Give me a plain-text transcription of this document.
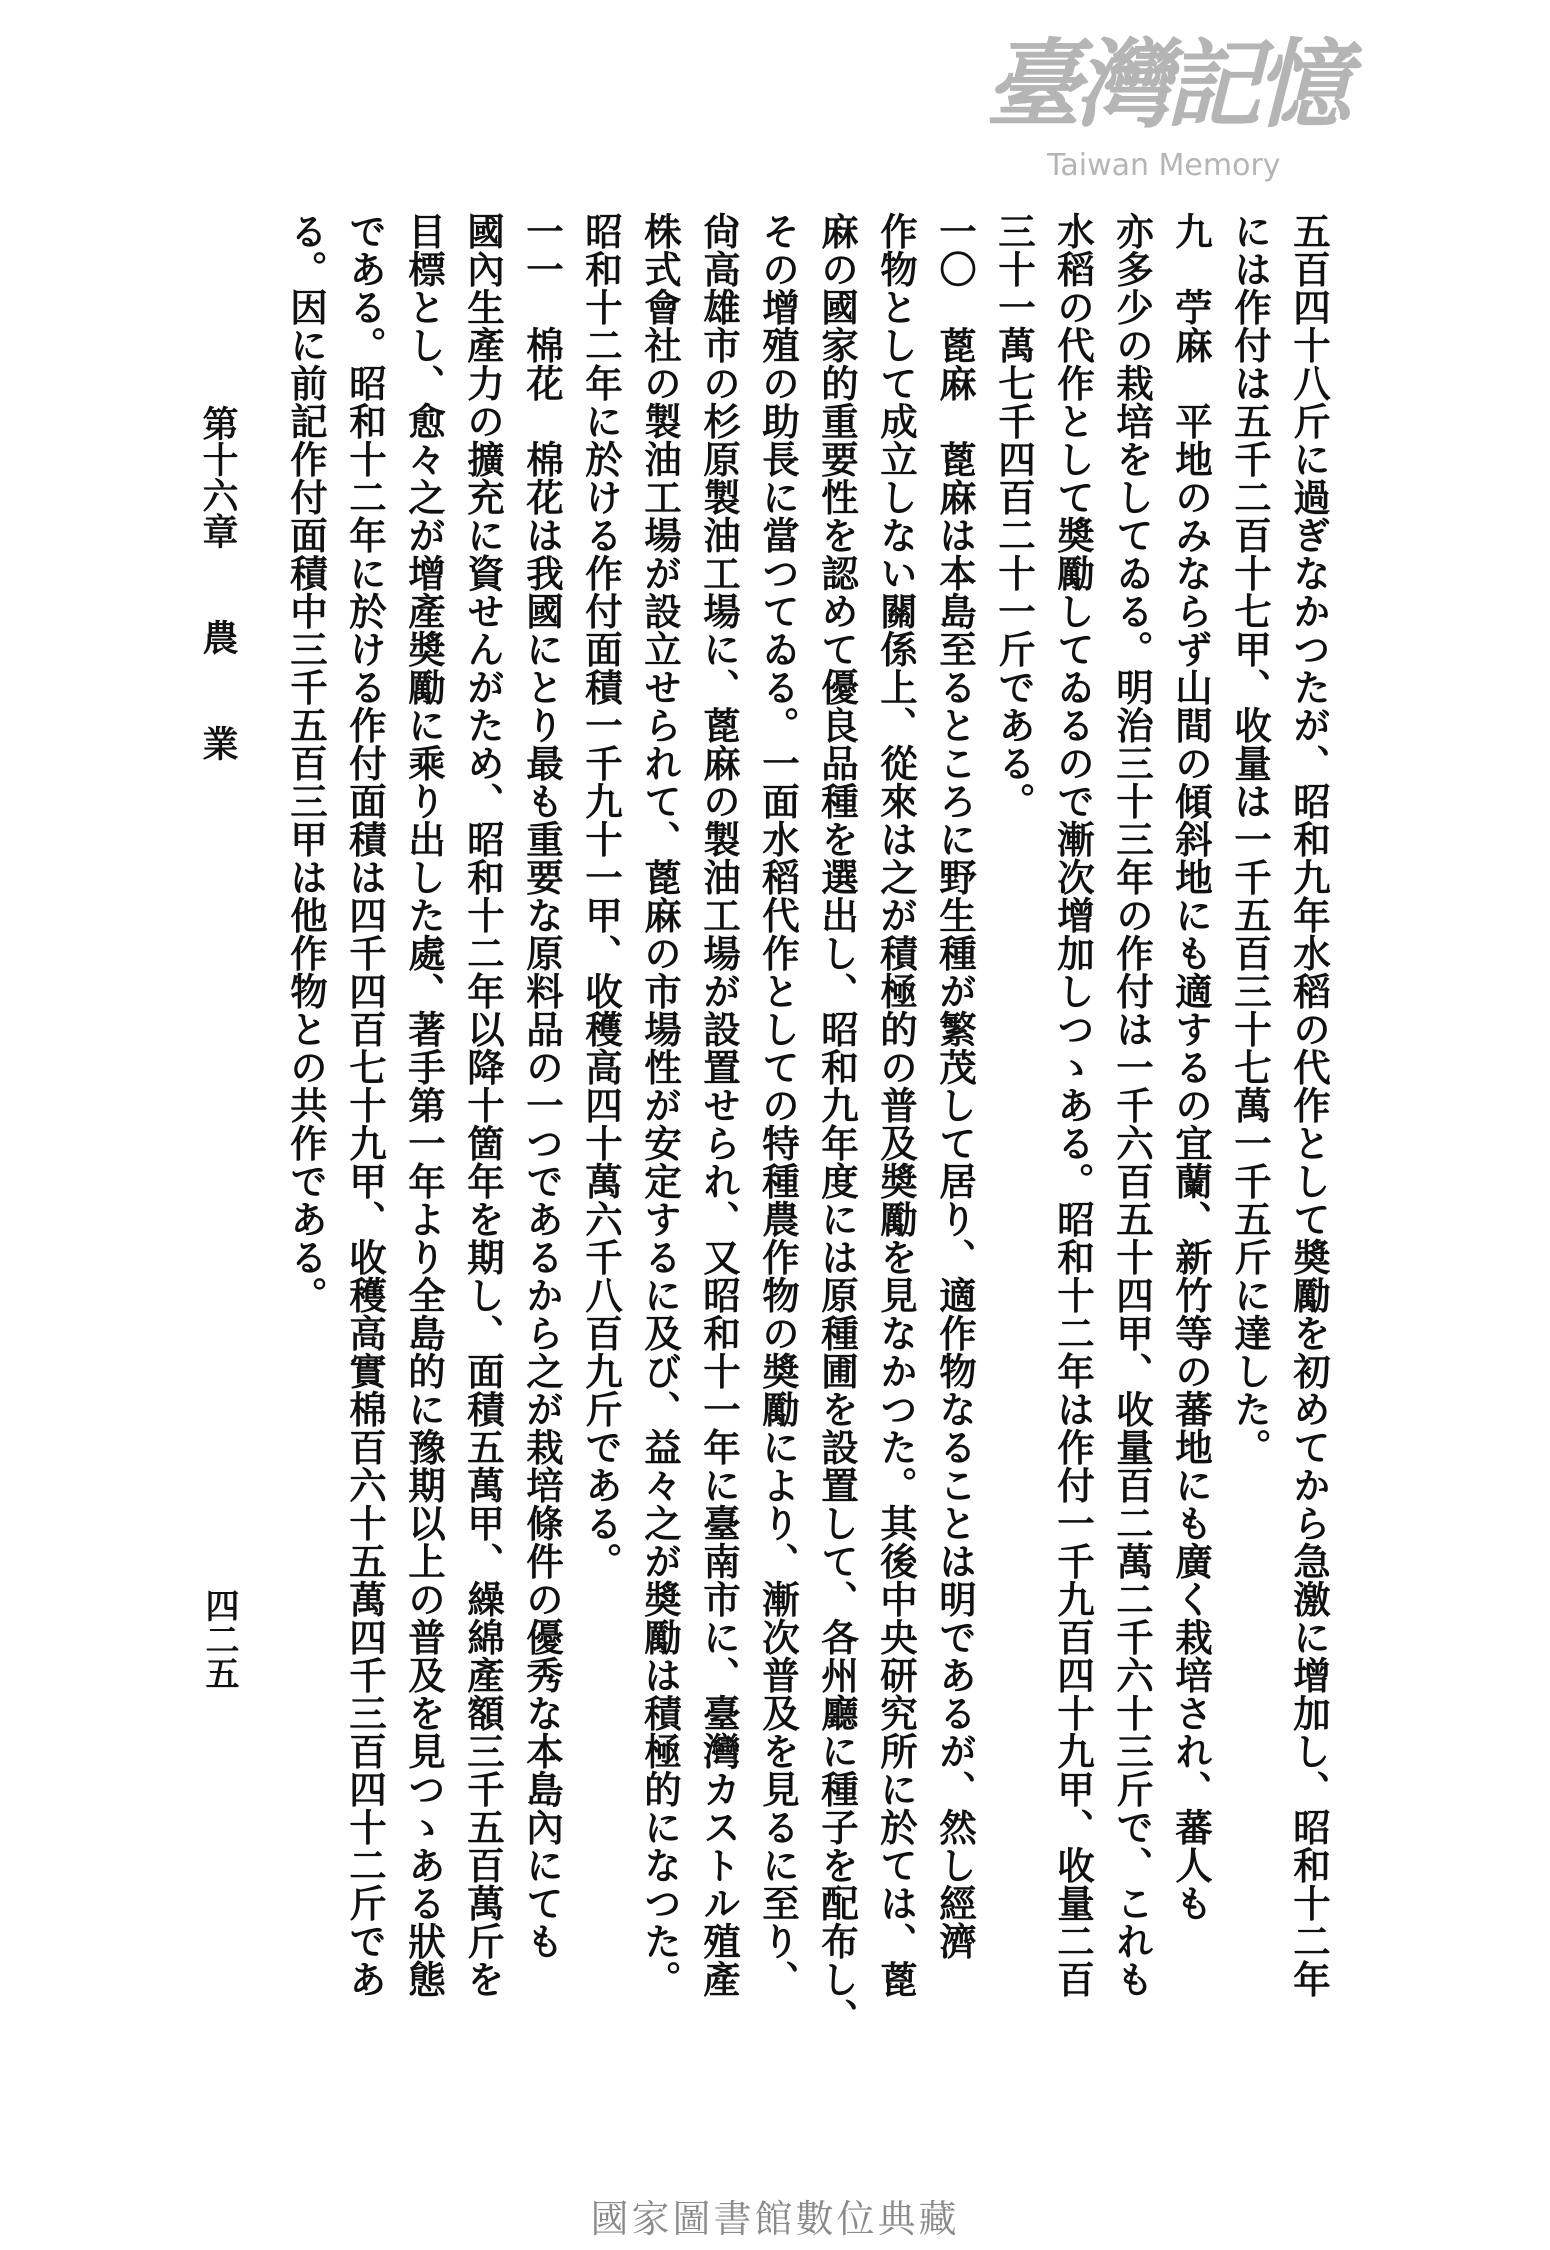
第十六章農業
四二五	五百四十八斤に過ぎなかつたが、昭和九年水稻の代作として奬勵を初めてから急激に增加し、昭和十二年
には作付は五千二百十七甲、收量は一千五百三十七萬一千五斤に達した。
九苧麻平地のみならず山間の傾斜地にも適するの宜蘭、新竹等の蕃地にも廣く栽培され、蕃人も
亦多少の栽培をしてゐる。明治三十三年の作付は一千六百五十四甲、收量百二萬二千六十三斤で、これも
水稻の代作として奬勵してゐるので漸次增加しつゝある。昭和十二年は作付一千九百四十九甲、收量二百
三十一萬七千四百二十一斤である。
一〇蓖麻蓖麻は本島至るところに野生種が繁茂して居り、適作物なることは明であるが、然し經濟
作物として成立しない關係上、從來は之が積極的の普及奬勵を見なかつた。其後中央研究所に於ては、蓖
麻の國家的重要性を認めて優良品種を選出し、昭和九年度には原種圃を設置して、各州廳に種子を配布し、
その增殖の助長に當つてゐる。一面水稻代作としての特種農作物の奬勵により、漸次普及を見るに至り、
尙高雄市の杉原製油工場に、蓖麻の製油工場が設置せられ、又昭和十一年に臺南市に、臺灣カストル殖產
株式會社の製油工場が設立せられて、蓖麻の市場性が安定するに及び、益々之が奬勵は積極的になつた。
昭和十二年に於ける作付面積一千九十一甲、收穫高四十萬六千八百九斤である。
一一棉花棉花は我國にとり最も重要な原料品の一つであるから之が栽培條件の優秀な本島內にても
國內生產力の擴充に資せんがため、昭和十二年以降十箇年を期し、面積五萬甲、繰綿產額三千五百萬斤を
目標とし、愈々之が增產奬勵に乘り出した處、著手第一年より全島的に豫期以上の普及を見つゝある狀態
である。昭和十二年に於ける作付面積は四千四百七十九甲、收穫高實棉百六十五萬四千三百四十二斤であ
る。因に前記作付面積中三千五百三甲は他作物との共作である。
臺灣記憶
Taiwan Memory
國家圖書館數位典藏
